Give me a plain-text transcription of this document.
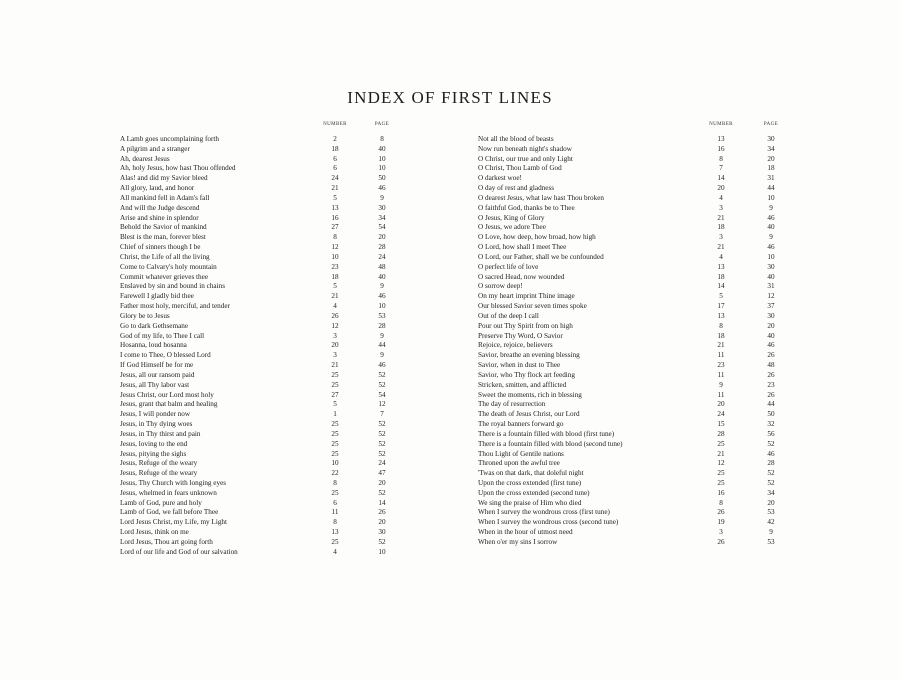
INDEX OF FIRST LINES
NUMBER	PAGE
A Lamb goes uncomplaining forth	2	8
A pilgrim and a stranger	18	40
Ah, dearest Jesus	6	10
Ah, holy Jesus, how hast Thou offended	6	10
Alas! and did my Savior bleed	24	50
All glory, laud, and honor	21	46
All mankind fell in Adam's fall	5	9
And will the Judge descend	13	30
Arise and shine in splendor	16	34
Behold the Savior of mankind	27	54
Blest is the man, forever blest	8	20
Chief of sinners though I be	12	28
Christ, the Life of all the living	10	24
Come to Calvary's holy mountain	23	48
Commit whatever grieves thee	18	40
Enslaved by sin and bound in chains	5	9
Farewell I gladly bid thee	21	46
Father most holy, merciful, and tender	4	10
Glory be to Jesus	26	53
Go to dark Gethsemane	12	28
God of my life, to Thee I call	3	9
Hosanna, loud hosanna	20	44
I come to Thee, O blessed Lord	3	9
If God Himself be for me	21	46
Jesus, all our ransom paid	25	52
Jesus, all Thy labor vast	25	52
Jesus Christ, our Lord most holy	27	54
Jesus, grant that balm and healing	5	12
Jesus, I will ponder now	1	7
Jesus, in Thy dying woes	25	52
Jesus, in Thy thirst and pain	25	52
Jesus, loving to the end	25	52
Jesus, pitying the sighs	25	52
Jesus, Refuge of the weary	10	24
Jesus, Refuge of the weary	22	47
Jesus, Thy Church with longing eyes	8	20
Jesus, whelmed in fears unknown	25	52
Lamb of God, pure and holy	6	14
Lamb of God, we fall before Thee	11	26
Lord Jesus Christ, my Life, my Light	8	20
Lord Jesus, think on me	13	30
Lord Jesus, Thou art going forth	25	52
Lord of our life and God of our salvation	4	10
NUMBER	PAGE
Not all the blood of beasts	13	30
Now run beneath night's shadow	16	34
O Christ, our true and only Light	8	20
O Christ, Thou Lamb of God	7	18
O darkest woe!	14	31
O day of rest and gladness	20	44
O dearest Jesus, what law hast Thou broken	4	10
O faithful God, thanks be to Thee	3	9
O Jesus, King of Glory	21	46
O Jesus, we adore Thee	18	40
O Love, how deep, how broad, how high	3	9
O Lord, how shall I meet Thee	21	46
O Lord, our Father, shall we be confounded	4	10
O perfect life of love	13	30
O sacred Head, now wounded	18	40
O sorrow deep!	14	31
On my heart imprint Thine image	5	12
Our blessed Savior seven times spoke	17	37
Out of the deep I call	13	30
Pour out Thy Spirit from on high	8	20
Preserve Thy Word, O Savior	18	40
Rejoice, rejoice, believers	21	46
Savior, breathe an evening blessing	11	26
Savior, when in dust to Thee	23	48
Savior, who Thy flock art feeding	11	26
Stricken, smitten, and afflicted	9	23
Sweet the moments, rich in blessing	11	26
The day of resurrection	20	44
The death of Jesus Christ, our Lord	24	50
The royal banners forward go	15	32
There is a fountain filled with blood (first tune)	28	56
There is a fountain filled with blood (second tune)	25	52
Thou Light of Gentile nations	21	46
Throned upon the awful tree	12	28
'Twas on that dark, that doleful night	25	52
Upon the cross extended (first tune)	25	52
Upon the cross extended (second tune)	16	34
We sing the praise of Him who died	8	20
When I survey the wondrous cross (first tune)	26	53
When I survey the wondrous cross (second tune)	19	42
When in the hour of utmost need	3	9
When o'er my sins I sorrow	26	53
